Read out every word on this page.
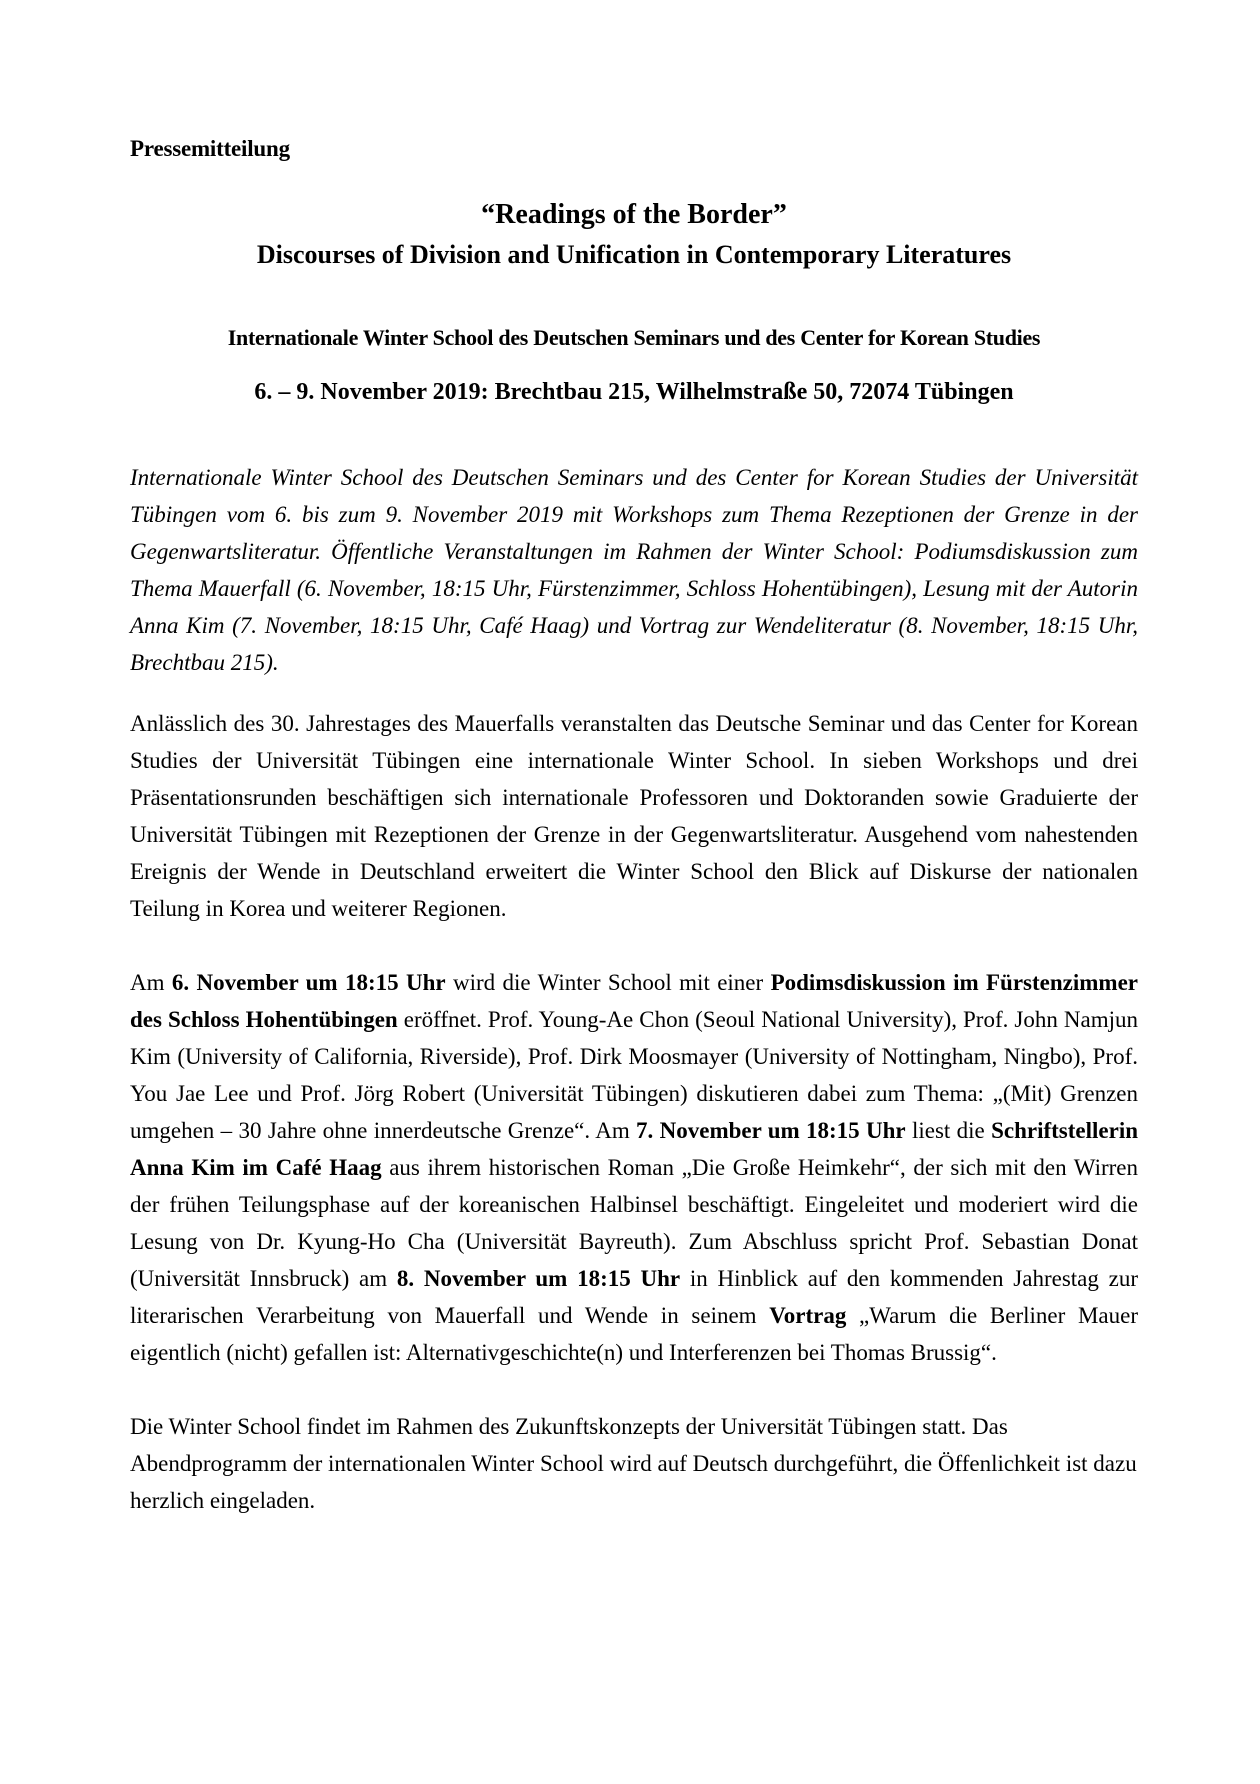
Pressemitteilung

“Readings of the Border”
Discourses of Division and Unification in Contemporary Literatures

Internationale Winter School des Deutschen Seminars und des Center for Korean Studies

6. – 9. November 2019: Brechtbau 215, Wilhelmstraße 50, 72074 Tübingen

Internationale Winter School des Deutschen Seminars und des Center for Korean Studies der Universität Tübingen vom 6. bis zum 9. November 2019 mit Workshops zum Thema Rezeptionen der Grenze in der Gegenwartsliteratur. Öffentliche Veranstaltungen im Rahmen der Winter School: Podiumsdiskussion zum Thema Mauerfall (6. November, 18:15 Uhr, Fürstenzimmer, Schloss Hohentübingen), Lesung mit der Autorin Anna Kim (7. November, 18:15 Uhr, Café Haag) und Vortrag zur Wendeliteratur (8. November, 18:15 Uhr, Brechtbau 215).

Anlässlich des 30. Jahrestages des Mauerfalls veranstalten das Deutsche Seminar und das Center for Korean Studies der Universität Tübingen eine internationale Winter School. In sieben Workshops und drei Präsentationsrunden beschäftigen sich internationale Professoren und Doktoranden sowie Graduierte der Universität Tübingen mit Rezeptionen der Grenze in der Gegenwartsliteratur. Ausgehend vom nahestenden Ereignis der Wende in Deutschland erweitert die Winter School den Blick auf Diskurse der nationalen Teilung in Korea und weiterer Regionen.

Am 6. November um 18:15 Uhr wird die Winter School mit einer Podimsdiskussion im Fürstenzimmer des Schloss Hohentübingen eröffnet. Prof. Young-Ae Chon (Seoul National University), Prof. John Namjun Kim (University of California, Riverside), Prof. Dirk Moosmayer (University of Nottingham, Ningbo), Prof. You Jae Lee und Prof. Jörg Robert (Universität Tübingen) diskutieren dabei zum Thema: „(Mit) Grenzen umgehen – 30 Jahre ohne innerdeutsche Grenze“. Am 7. November um 18:15 Uhr liest die Schriftstellerin Anna Kim im Café Haag aus ihrem historischen Roman „Die Große Heimkehr“, der sich mit den Wirren der frühen Teilungsphase auf der koreanischen Halbinsel beschäftigt. Eingeleitet und moderiert wird die Lesung von Dr. Kyung-Ho Cha (Universität Bayreuth). Zum Abschluss spricht Prof. Sebastian Donat (Universität Innsbruck) am 8. November um 18:15 Uhr in Hinblick auf den kommenden Jahrestag zur literarischen Verarbeitung von Mauerfall und Wende in seinem Vortrag „Warum die Berliner Mauer eigentlich (nicht) gefallen ist: Alternativgeschichte(n) und Interferenzen bei Thomas Brussig“.

Die Winter School findet im Rahmen des Zukunftskonzepts der Universität Tübingen statt. Das Abendprogramm der internationalen Winter School wird auf Deutsch durchgeführt, die Öffenlichkeit ist dazu herzlich eingeladen.
